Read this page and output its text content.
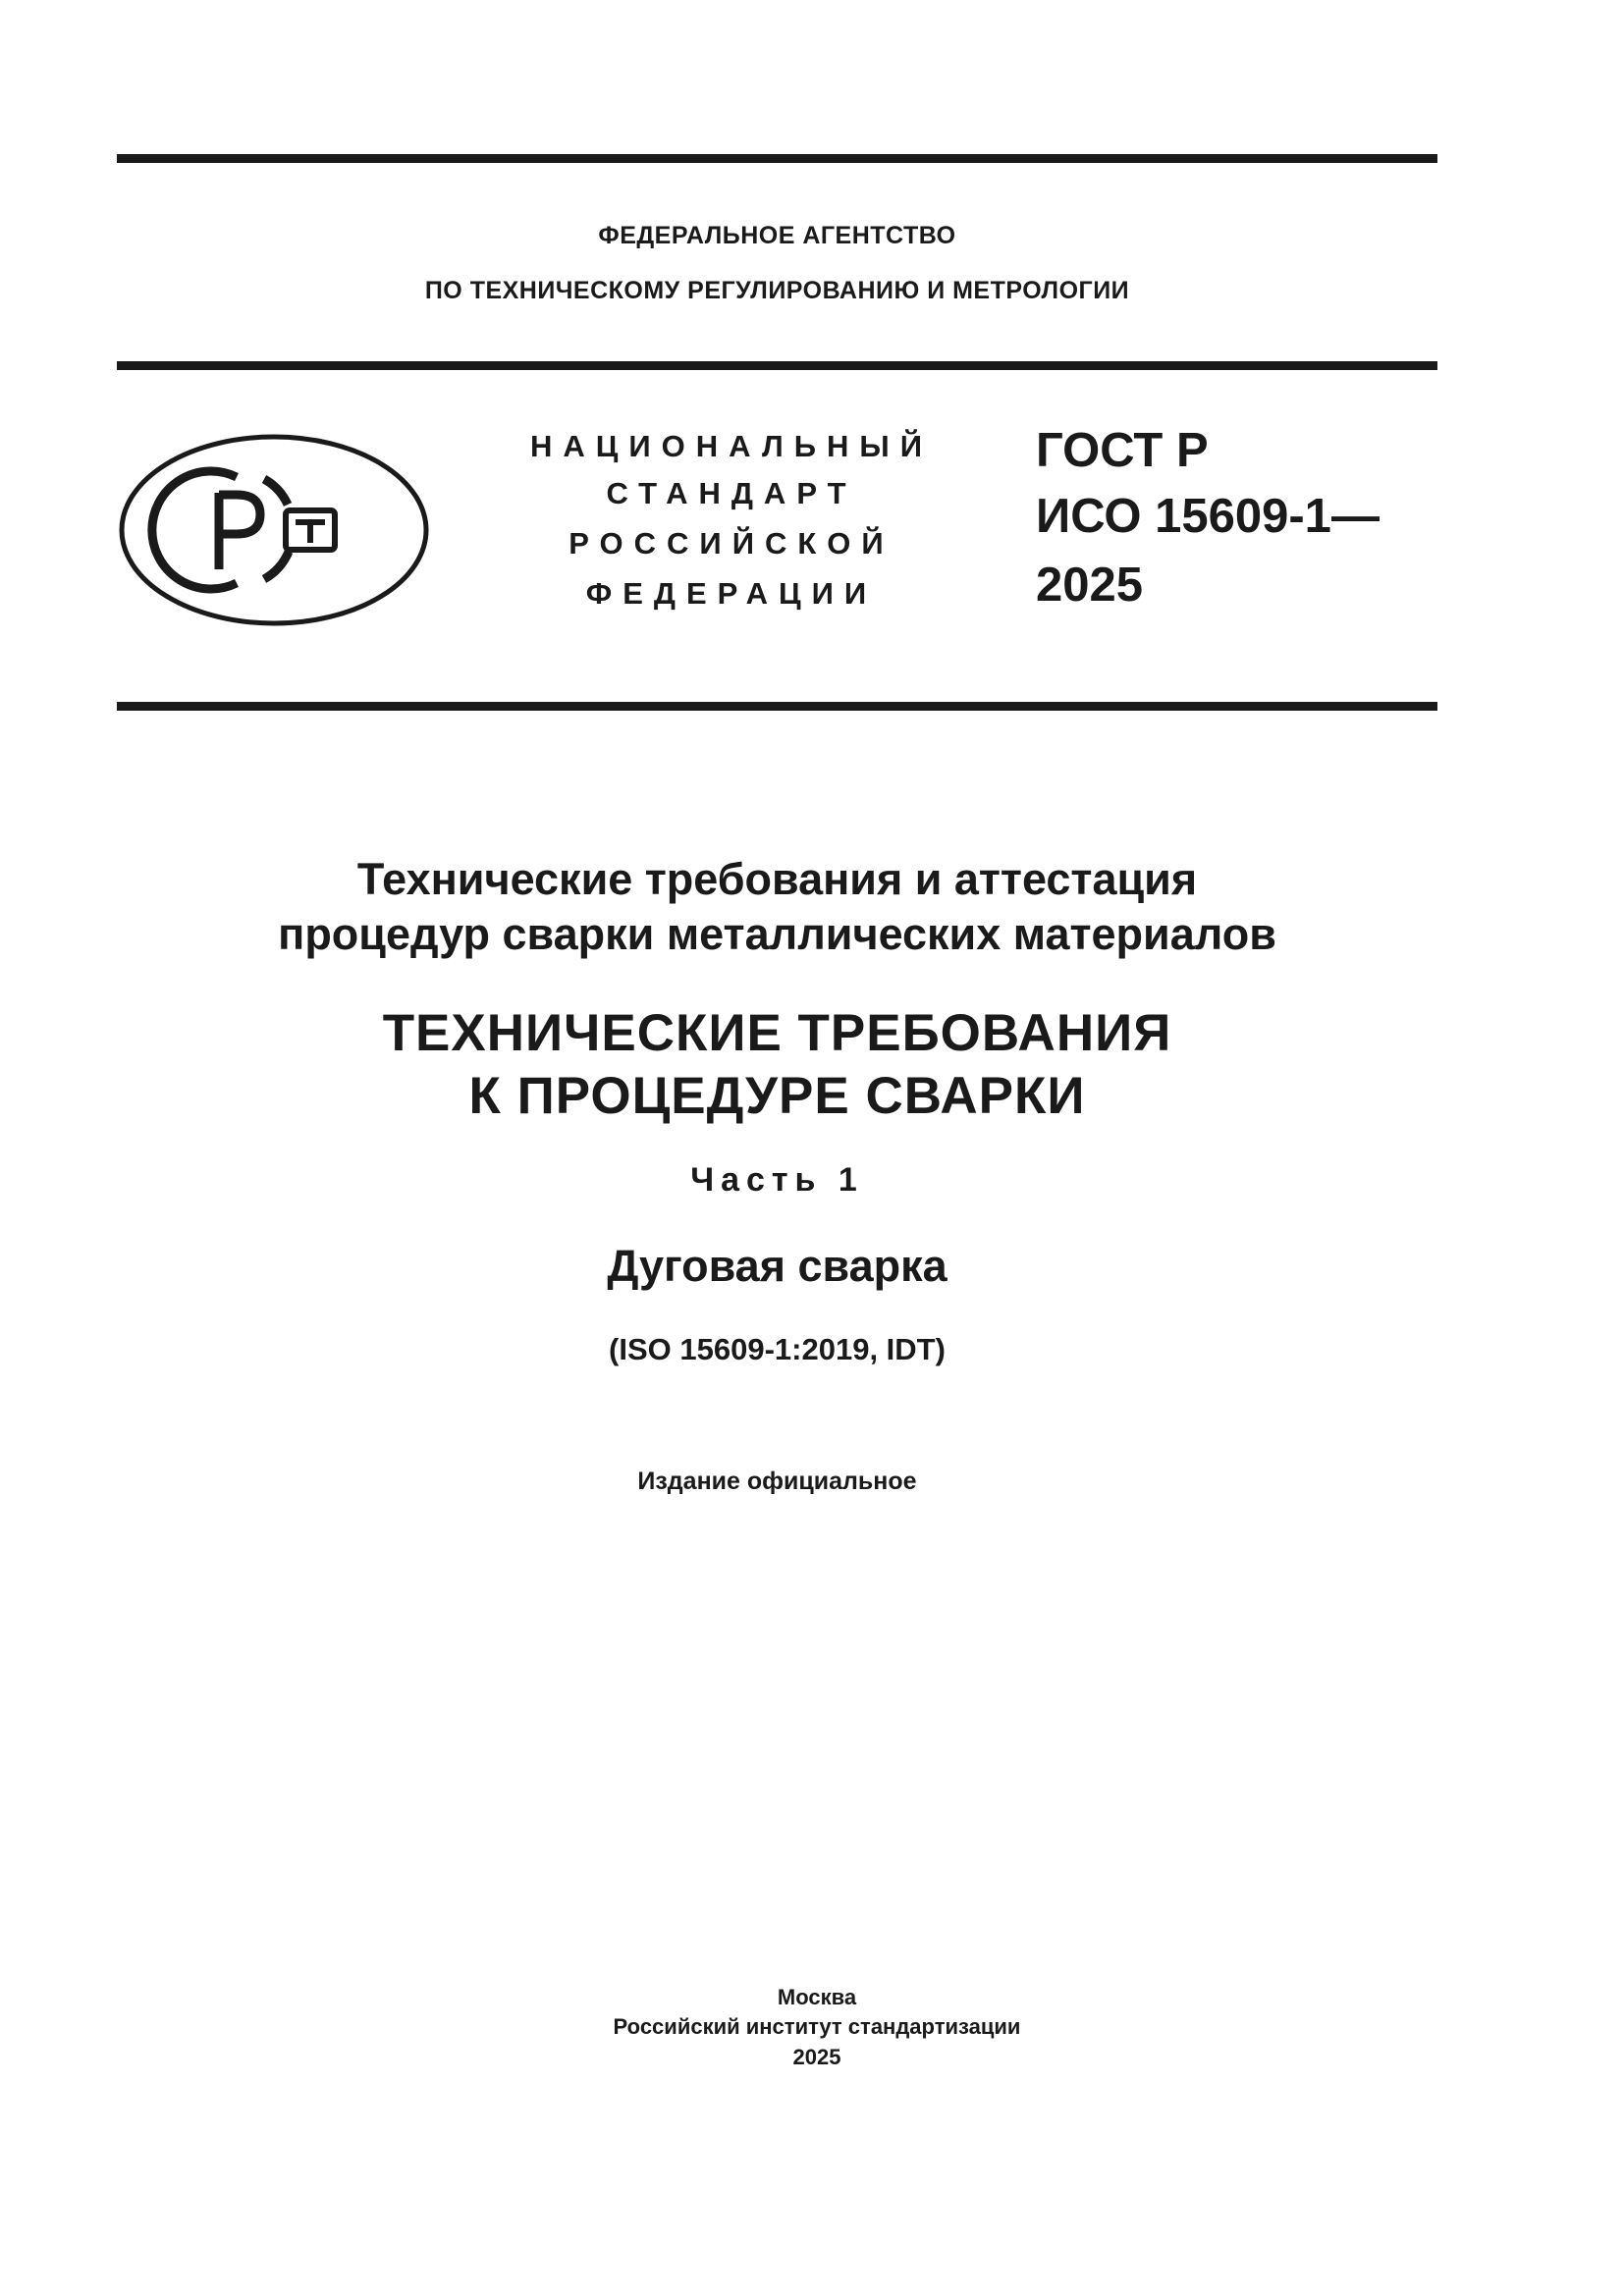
ФЕДЕРАЛЬНОЕ АГЕНТСТВО
ПО ТЕХНИЧЕСКОМУ РЕГУЛИРОВАНИЮ И МЕТРОЛОГИИ
НАЦИОНАЛЬНЫЙ
СТАНДАРТ
РОССИЙСКОЙ
ФЕДЕРАЦИИ
ГОСТ Р
ИСО 15609-1—
2025
Технические требования и аттестация
процедур сварки металлических материалов
ТЕХНИЧЕСКИЕ ТРЕБОВАНИЯ
К ПРОЦЕДУРЕ СВАРКИ
Часть 1
Дуговая сварка
(ISO 15609-1:2019, IDT)
Издание официальное
Москва
Российский институт стандартизации
2025
